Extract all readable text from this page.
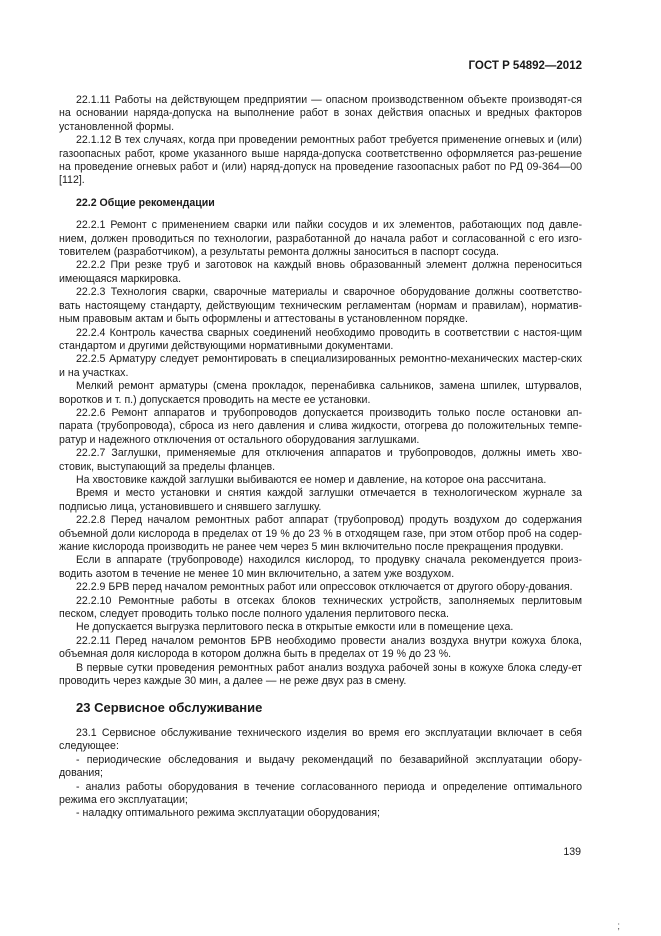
ГОСТ Р 54892—2012

22.1.11 Работы на действующем предприятии — опасном производственном объекте производят-ся на основании наряда-допуска на выполнение работ в зонах действия опасных и вредных факторов установленной формы.

22.1.12 В тех случаях, когда при проведении ремонтных работ требуется применение огневых и (или) газоопасных работ, кроме указанного выше наряда-допуска соответственно оформляется раз-решение на проведение огневых работ и (или) наряд-допуск на проведение газоопасных работ по РД 09-364—00 [112].

22.2 Общие рекомендации

22.2.1 Ремонт с применением сварки или пайки сосудов и их элементов, работающих под давле-нием, должен проводиться по технологии, разработанной до начала работ и согласованной с его изго-товителем (разработчиком), а результаты ремонта должны заноситься в паспорт сосуда.

22.2.2 При резке труб и заготовок на каждый вновь образованный элемент должна переноситься имеющаяся маркировка.

22.2.3 Технология сварки, сварочные материалы и сварочное оборудование должны соответство-вать настоящему стандарту, действующим техническим регламентам (нормам и правилам), норматив-ным правовым актам и быть оформлены и аттестованы в установленном порядке.

22.2.4 Контроль качества сварных соединений необходимо проводить в соответствии с настоя-щим стандартом и другими действующими нормативными документами.

22.2.5 Арматуру следует ремонтировать в специализированных ремонтно-механических мастер-ских и на участках.

Мелкий ремонт арматуры (смена прокладок, перенабивка сальников, замена шпилек, штурвалов, воротков и т. п.) допускается проводить на месте ее установки.

22.2.6 Ремонт аппаратов и трубопроводов допускается производить только после остановки ап-парата (трубопровода), сброса из него давления и слива жидкости, отогрева до положительных темпе-ратур и надежного отключения от остального оборудования заглушками.

22.2.7 Заглушки, применяемые для отключения аппаратов и трубопроводов, должны иметь хво-стовик, выступающий за пределы фланцев.

На хвостовике каждой заглушки выбиваются ее номер и давление, на которое она рассчитана.

Время и место установки и снятия каждой заглушки отмечается в технологическом журнале за подписью лица, установившего и снявшего заглушку.

22.2.8 Перед началом ремонтных работ аппарат (трубопровод) продуть воздухом до содержания объемной доли кислорода в пределах от 19 % до 23 % в отходящем газе, при этом отбор проб на содер-жание кислорода производить не ранее чем через 5 мин включительно после прекращения продувки.

Если в аппарате (трубопроводе) находился кислород, то продувку сначала рекомендуется произ-водить азотом в течение не менее 10 мин включительно, а затем уже воздухом.

22.2.9 БРВ перед началом ремонтных работ или опрессовок отключается от другого обору-дования.

22.2.10 Ремонтные работы в отсеках блоков технических устройств, заполняемых перлитовым песком, следует проводить только после полного удаления перлитового песка.

Не допускается выгрузка перлитового песка в открытые емкости или в помещение цеха.

22.2.11 Перед началом ремонтов БРВ необходимо провести анализ воздуха внутри кожуха блока, объемная доля кислорода в котором должна быть в пределах от 19 % до 23 %.

В первые сутки проведения ремонтных работ анализ воздуха рабочей зоны в кожухе блока следу-ет проводить через каждые 30 мин, а далее — не реже двух раз в смену.

23 Сервисное обслуживание

23.1 Сервисное обслуживание технического изделия во время его эксплуатации включает в себя следующее:

- периодические обследования и выдачу рекомендаций по безаварийной эксплуатации обору-дования;

- анализ работы оборудования в течение согласованного периода и определение оптимального режима его эксплуатации;

- наладку оптимального режима эксплуатации оборудования;

139
;
